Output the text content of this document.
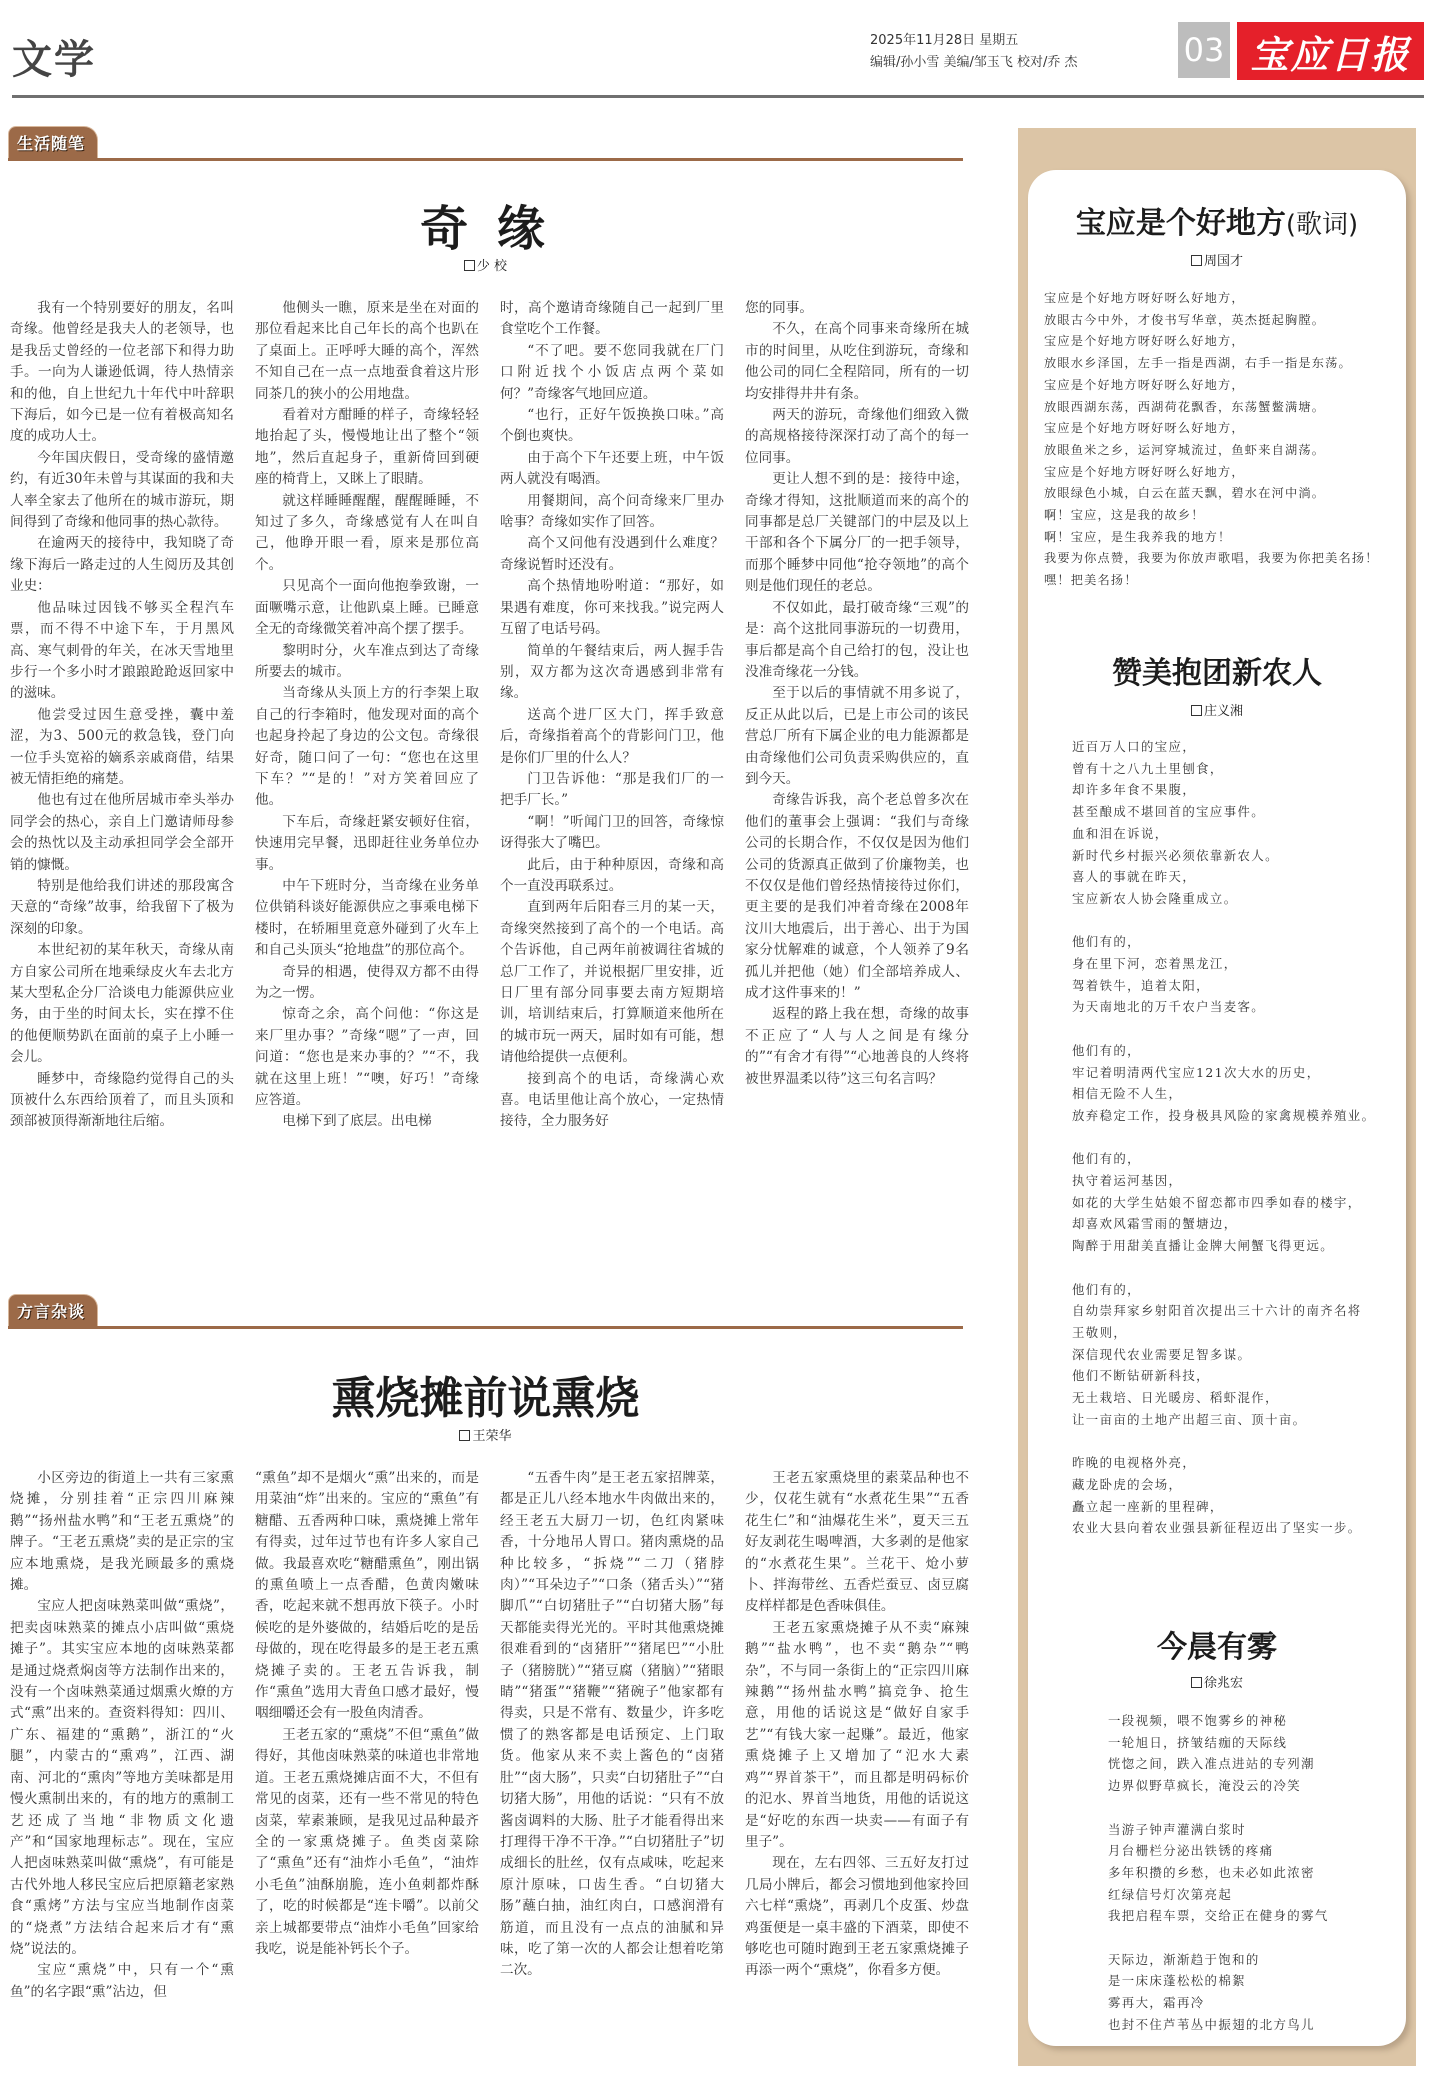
文学	2025年11月28日 星期五
编辑/孙小雪 美编/邹玉飞 校对/乔 杰	03 宝应日报
生活随笔
奇 缘
少 校

我有一个特别要好的朋友，名叫奇缘。他曾经是我夫人的老领导，也是我岳丈曾经的一位老部下和得力助手。一向为人谦逊低调，待人热情亲和的他，自上世纪九十年代中叶辞职下海后，如今已是一位有着极高知名度的成功人士。

今年国庆假日，受奇缘的盛情邀约，有近30年未曾与其谋面的我和夫人率全家去了他所在的城市游玩，期间得到了奇缘和他同事的热心款待。

在逾两天的接待中，我知晓了奇缘下海后一路走过的人生阅历及其创业史：

他品味过因钱不够买全程汽车票，而不得不中途下车，于月黑风高、寒气刺骨的年关，在冰天雪地里步行一个多小时才踉踉跄跄返回家中的滋味。

他尝受过因生意受挫，囊中羞涩，为3、500元的救急钱，登门向一位手头宽裕的嫡系亲戚商借，结果被无情拒绝的痛楚。

他也有过在他所居城市牵头举办同学会的热心，亲自上门邀请师母参会的热忱以及主动承担同学会全部开销的慷慨。

特别是他给我们讲述的那段寓含天意的“奇缘”故事，给我留下了极为深刻的印象。

本世纪初的某年秋天，奇缘从南方自家公司所在地乘绿皮火车去北方某大型私企分厂洽谈电力能源供应业务，由于坐的时间太长，实在撑不住的他便顺势趴在面前的桌子上小睡一会儿。

睡梦中，奇缘隐约觉得自己的头顶被什么东西给顶着了，而且头顶和颈部被顶得渐渐地往后缩。

他侧头一瞧，原来是坐在对面的那位看起来比自己年长的高个也趴在了桌面上。正呼呼大睡的高个，浑然不知自己在一点一点地蚕食着这片形同茶几的狭小的公用地盘。

看着对方酣睡的样子，奇缘轻轻地抬起了头，慢慢地让出了整个“领地”，然后直起身子，重新倚回到硬座的椅背上，又眯上了眼睛。

就这样睡睡醒醒，醒醒睡睡，不知过了多久，奇缘感觉有人在叫自己，他睁开眼一看，原来是那位高个。

只见高个一面向他抱拳致谢，一面噘嘴示意，让他趴桌上睡。已睡意全无的奇缘微笑着冲高个摆了摆手。

黎明时分，火车准点到达了奇缘所要去的城市。

当奇缘从头顶上方的行李架上取自己的行李箱时，他发现对面的高个也起身拎起了身边的公文包。奇缘很好奇，随口问了一句：“您也在这里下车？”“是的！”对方笑着回应了他。

下车后，奇缘赶紧安顿好住宿，快速用完早餐，迅即赶往业务单位办事。

中午下班时分，当奇缘在业务单位供销科谈好能源供应之事乘电梯下楼时，在轿厢里竟意外碰到了火车上和自己头顶头“抢地盘”的那位高个。

奇异的相遇，使得双方都不由得为之一愣。

惊奇之余，高个问他：“你这是来厂里办事？”奇缘“嗯”了一声，回问道：“您也是来办事的？”“不，我就在这里上班！”“噢，好巧！”奇缘应答道。

电梯下到了底层。出电梯

时，高个邀请奇缘随自己一起到厂里食堂吃个工作餐。

“不了吧。要不您同我就在厂门口附近找个小饭店点两个菜如何？”奇缘客气地回应道。

“也行，正好午饭换换口味。”高个倒也爽快。

由于高个下午还要上班，中午饭两人就没有喝酒。

用餐期间，高个问奇缘来厂里办啥事？奇缘如实作了回答。

高个又问他有没遇到什么难度？奇缘说暂时还没有。

高个热情地吩咐道：“那好，如果遇有难度，你可来找我。”说完两人互留了电话号码。

简单的午餐结束后，两人握手告别，双方都为这次奇遇感到非常有缘。

送高个进厂区大门，挥手致意后，奇缘指着高个的背影问门卫，他是你们厂里的什么人？

门卫告诉他：“那是我们厂的一把手厂长。”

“啊！”听闻门卫的回答，奇缘惊讶得张大了嘴巴。

此后，由于种种原因，奇缘和高个一直没再联系过。

直到两年后阳春三月的某一天，奇缘突然接到了高个的一个电话。高个告诉他，自己两年前被调往省城的总厂工作了，并说根据厂里安排，近日厂里有部分同事要去南方短期培训，培训结束后，打算顺道来他所在的城市玩一两天，届时如有可能，想请他给提供一点便利。

接到高个的电话，奇缘满心欢喜。电话里他让高个放心，一定热情接待，全力服务好

您的同事。

不久，在高个同事来奇缘所在城市的时间里，从吃住到游玩，奇缘和他公司的同仁全程陪同，所有的一切均安排得井井有条。

两天的游玩，奇缘他们细致入微的高规格接待深深打动了高个的每一位同事。

更让人想不到的是：接待中途，奇缘才得知，这批顺道而来的高个的同事都是总厂关键部门的中层及以上干部和各个下属分厂的一把手领导，而那个睡梦中同他“抢夺领地”的高个则是他们现任的老总。

不仅如此，最打破奇缘“三观”的是：高个这批同事游玩的一切费用，事后都是高个自己给打的包，没让也没准奇缘花一分钱。

至于以后的事情就不用多说了，反正从此以后，已是上市公司的该民营总厂所有下属企业的电力能源都是由奇缘他们公司负责采购供应的，直到今天。

奇缘告诉我，高个老总曾多次在他们的董事会上强调：“我们与奇缘公司的长期合作，不仅仅是因为他们公司的货源真正做到了价廉物美，也不仅仅是他们曾经热情接待过你们，更主要的是我们冲着奇缘在2008年汶川大地震后，出于善心、出于为国家分忧解难的诚意，个人领养了9名孤儿并把他（她）们全部培养成人、成才这件事来的！”

返程的路上我在想，奇缘的故事不正应了“人与人之间是有缘分的”“有舍才有得”“心地善良的人终将被世界温柔以待”这三句名言吗？

方言杂谈
熏烧摊前说熏烧
王荣华

小区旁边的街道上一共有三家熏烧摊，分别挂着“正宗四川麻辣鹅”“扬州盐水鸭”和“王老五熏烧”的牌子。“王老五熏烧”卖的是正宗的宝应本地熏烧，是我光顾最多的熏烧摊。

宝应人把卤味熟菜叫做“熏烧”，把卖卤味熟菜的摊点小店叫做“熏烧摊子”。其实宝应本地的卤味熟菜都是通过烧煮焖卤等方法制作出来的，没有一个卤味熟菜通过烟熏火燎的方式“熏”出来的。查资料得知：四川、广东、福建的“熏鹅”，浙江的“火腿”，内蒙古的“熏鸡”，江西、湖南、河北的“熏肉”等地方美味都是用慢火熏制出来的，有的地方的熏制工艺还成了当地“非物质文化遗产”和“国家地理标志”。现在，宝应人把卤味熟菜叫做“熏烧”，有可能是古代外地人移民宝应后把原籍老家熟食“熏烤”方法与宝应当地制作卤菜的“烧煮”方法结合起来后才有“熏烧”说法的。

宝应“熏烧”中，只有一个“熏鱼”的名字跟“熏”沾边，但

“熏鱼”却不是烟火“熏”出来的，而是用菜油“炸”出来的。宝应的“熏鱼”有糖醋、五香两种口味，熏烧摊上常年有得卖，过年过节也有许多人家自己做。我最喜欢吃“糖醋熏鱼”，刚出锅的熏鱼喷上一点香醋，色黄肉嫩味香，吃起来就不想再放下筷子。小时候吃的是外婆做的，结婚后吃的是岳母做的，现在吃得最多的是王老五熏烧摊子卖的。王老五告诉我，制作“熏鱼”选用大青鱼口感才最好，慢咽细嚼还会有一股鱼肉清香。

王老五家的“熏烧”不但“熏鱼”做得好，其他卤味熟菜的味道也非常地道。王老五熏烧摊店面不大，不但有常见的卤菜，还有一些不常见的特色卤菜，荤素兼顾，是我见过品种最齐全的一家熏烧摊子。鱼类卤菜除了“熏鱼”还有“油炸小毛鱼”，“油炸小毛鱼”油酥崩脆，连小鱼刺都炸酥了，吃的时候都是“连卡嚼”。以前父亲上城都要带点“油炸小毛鱼”回家给我吃，说是能补钙长个子。

“五香牛肉”是王老五家招牌菜，都是正儿八经本地水牛肉做出来的，经王老五大厨刀一切，色红肉紧味香，十分地吊人胃口。猪肉熏烧的品种比较多，“拆烧”“二刀（猪脖肉）”“耳朵边子”“口条（猪舌头）”“猪脚爪”“白切猪肚子”“白切猪大肠”每天都能卖得光光的。平时其他熏烧摊很难看到的“卤猪肝”“猪尾巴”“小肚子（猪膀胱）”“猪豆腐（猪脑）”“猪眼睛”“猪蛋”“猪鞭”“猪碗子”他家都有得卖，只是不常有、数量少，许多吃惯了的熟客都是电话预定、上门取货。他家从来不卖上酱色的“卤猪肚”“卤大肠”，只卖“白切猪肚子”“白切猪大肠”，用他的话说：“只有不放酱卤调料的大肠、肚子才能看得出来打理得干净不干净。”“白切猪肚子”切成细长的肚丝，仅有点咸味，吃起来原汁原味，口齿生香。“白切猪大肠”蘸白抽，油红肉白，口感润滑有筋道，而且没有一点点的油腻和异味，吃了第一次的人都会让想着吃第二次。

王老五家熏烧里的素菜品种也不少，仅花生就有“水煮花生果”“五香花生仁”和“油爆花生米”，夏天三五好友剥花生喝啤酒，大多剥的是他家的“水煮花生果”。兰花干、炝小萝卜、拌海带丝、五香烂蚕豆、卤豆腐皮样样都是色香味俱佳。

王老五家熏烧摊子从不卖“麻辣鹅”“盐水鸭”，也不卖“鹅杂”“鸭杂”，不与同一条街上的“正宗四川麻辣鹅”“扬州盐水鸭”搞竞争、抢生意，用他的话说这是“做好自家手艺”“有钱大家一起赚”。最近，他家熏烧摊子上又增加了“氾水大素鸡”“界首茶干”，而且都是明码标价的氾水、界首当地货，用他的话说这是“好吃的东西一块卖——有面子有里子”。

现在，左右四邻、三五好友打过几局小牌后，都会习惯地到他家拎回六七样“熏烧”，再剥几个皮蛋、炒盘鸡蛋便是一桌丰盛的下酒菜，即使不够吃也可随时跑到王老五家熏烧摊子再添一两个“熏烧”，你看多方便。

宝应是个好地方(歌词)
周国才
宝应是个好地方呀好呀么好地方，
放眼古今中外，才俊书写华章，英杰挺起胸膛。
宝应是个好地方呀好呀么好地方，
放眼水乡泽国，左手一指是西湖，右手一指是东荡。
宝应是个好地方呀好呀么好地方，
放眼西湖东荡，西湖荷花飘香，东荡蟹鳖满塘。
宝应是个好地方呀好呀么好地方，
放眼鱼米之乡，运河穿城流过，鱼虾来自湖荡。
宝应是个好地方呀好呀么好地方，
放眼绿色小城，白云在蓝天飘，碧水在河中淌。
啊！宝应，这是我的故乡！
啊！宝应，是生我养我的地方！
我要为你点赞，我要为你放声歌唱，我要为你把美名扬！
嘿！把美名扬！
赞美抱团新农人
庄义湘
近百万人口的宝应，
曾有十之八九土里刨食，
却许多年食不果腹，
甚至酿成不堪回首的宝应事件。
血和泪在诉说，
新时代乡村振兴必须依靠新农人。
喜人的事就在昨天，
宝应新农人协会隆重成立。
他们有的，
身在里下河，恋着黑龙江，
驾着铁牛，追着太阳，
为天南地北的万千农户当麦客。
他们有的，
牢记着明清两代宝应121次大水的历史，
相信无险不人生，
放弃稳定工作，投身极具风险的家禽规模养殖业。
他们有的，
执守着运河基因，
如花的大学生姑娘不留恋都市四季如春的楼宇，
却喜欢风霜雪雨的蟹塘边，
陶醉于用甜美直播让金牌大闸蟹飞得更远。
他们有的，
自幼崇拜家乡射阳首次提出三十六计的南齐名将王敬则，
深信现代农业需要足智多谋。
他们不断钻研新科技，
无土栽培、日光暖房、稻虾混作，
让一亩亩的土地产出超三亩、顶十亩。
昨晚的电视格外亮，
藏龙卧虎的会场，
矗立起一座新的里程碑，
农业大县向着农业强县新征程迈出了坚实一步。
今晨有雾
徐兆宏
一段视频，喂不饱雾乡的神秘
一轮旭日，挤皱结痂的天际线
恍惚之间，跌入准点进站的专列潮
边界似野草疯长，淹没云的冷笑
当游子钟声灌满白浆时
月台栅栏分泌出铁锈的疼痛
多年积攒的乡愁，也未必如此浓密
红绿信号灯次第亮起
我把启程车票，交给正在健身的雾气
天际边，渐渐趋于饱和的
是一床床蓬松松的棉絮
雾再大，霜再冷
也封不住芦苇丛中振翅的北方鸟儿
